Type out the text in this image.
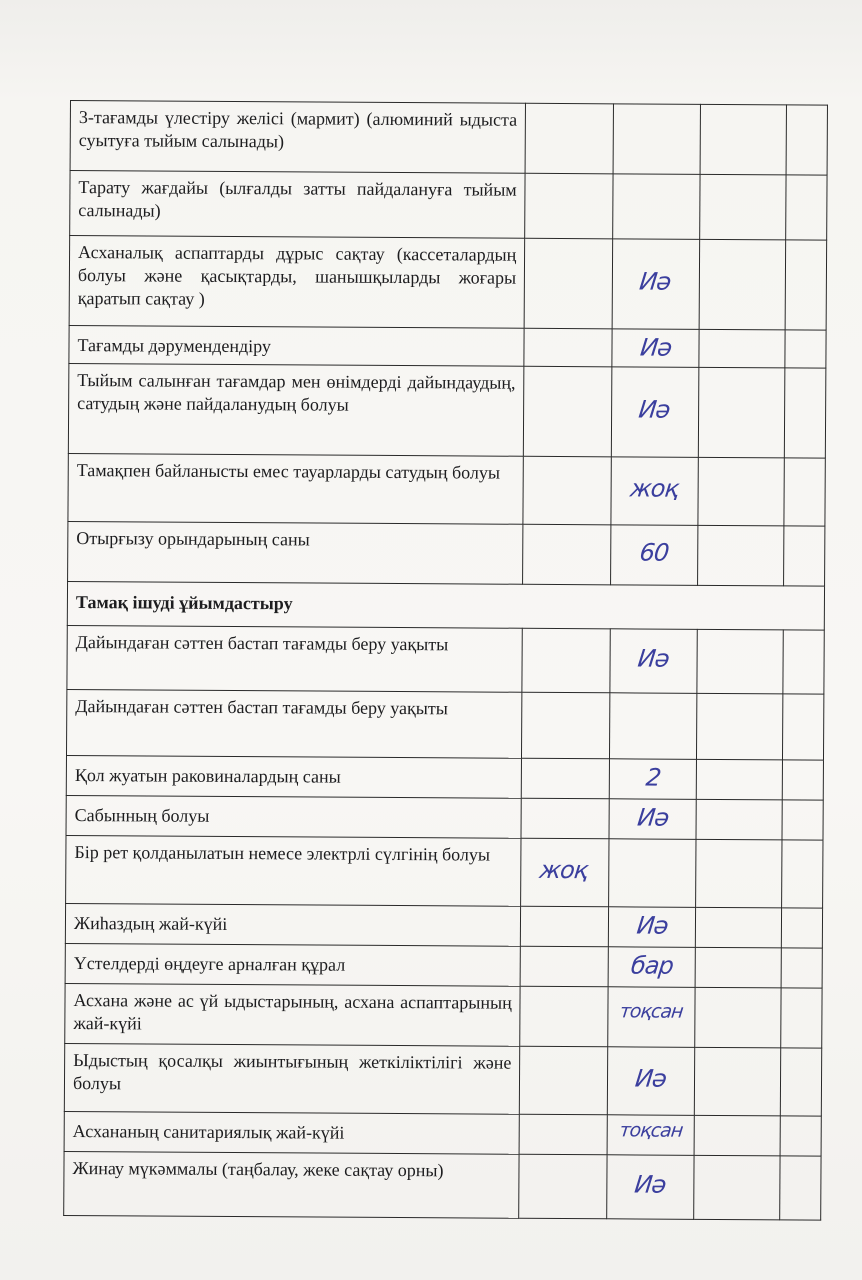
3-тағамды үлестіру желісі (мармит) (алюминий ыдыста суытуға тыйым салынады)				
Тарату жағдайы (ылғалды затты пайдалануға тыйым салынады)				
Асханалық аспаптарды дұрыс сақтау (кассеталардың болуы және қасықтарды, шанышқыларды жоғары қаратып сақтау )		Иә		

Тағамды дәрумендендіру		Иә		

Тыйым салынған тағамдар мен өнімдерді дайындаудың, сатудың және пайдаланудың болуы		Иә		

Тамақпен байланысты емес тауарларды сатудың болуы		жоқ		

Отырғызу орындарының саны		60		

Тамақ ішуді ұйымдастыру				
Дайындаған сәттен бастап тағамды беру уақыты		Иә		

Дайындаған сәттен бастап тағамды беру уақыты				
Қол жуатын раковиналардың саны		2		

Сабынның болуы		Иә		

Бір рет қолданылатын немесе электрлі сүлгінің болуы	жоқ			

Жиһаздың жай-күйі		Иә		

Үстелдерді өңдеуге арналған құрал		бар		

Асхана және ас үй ыдыстарының, асхана аспаптарының жай-күйі		тоқсан		

Ыдыстың қосалқы жиынтығының жеткіліктілігі және болуы		Иә		

Асхананың санитариялық жай-күйі		тоқсан		

Жинау мүкәммалы (таңбалау, жеке сақтау орны)		Иә		
